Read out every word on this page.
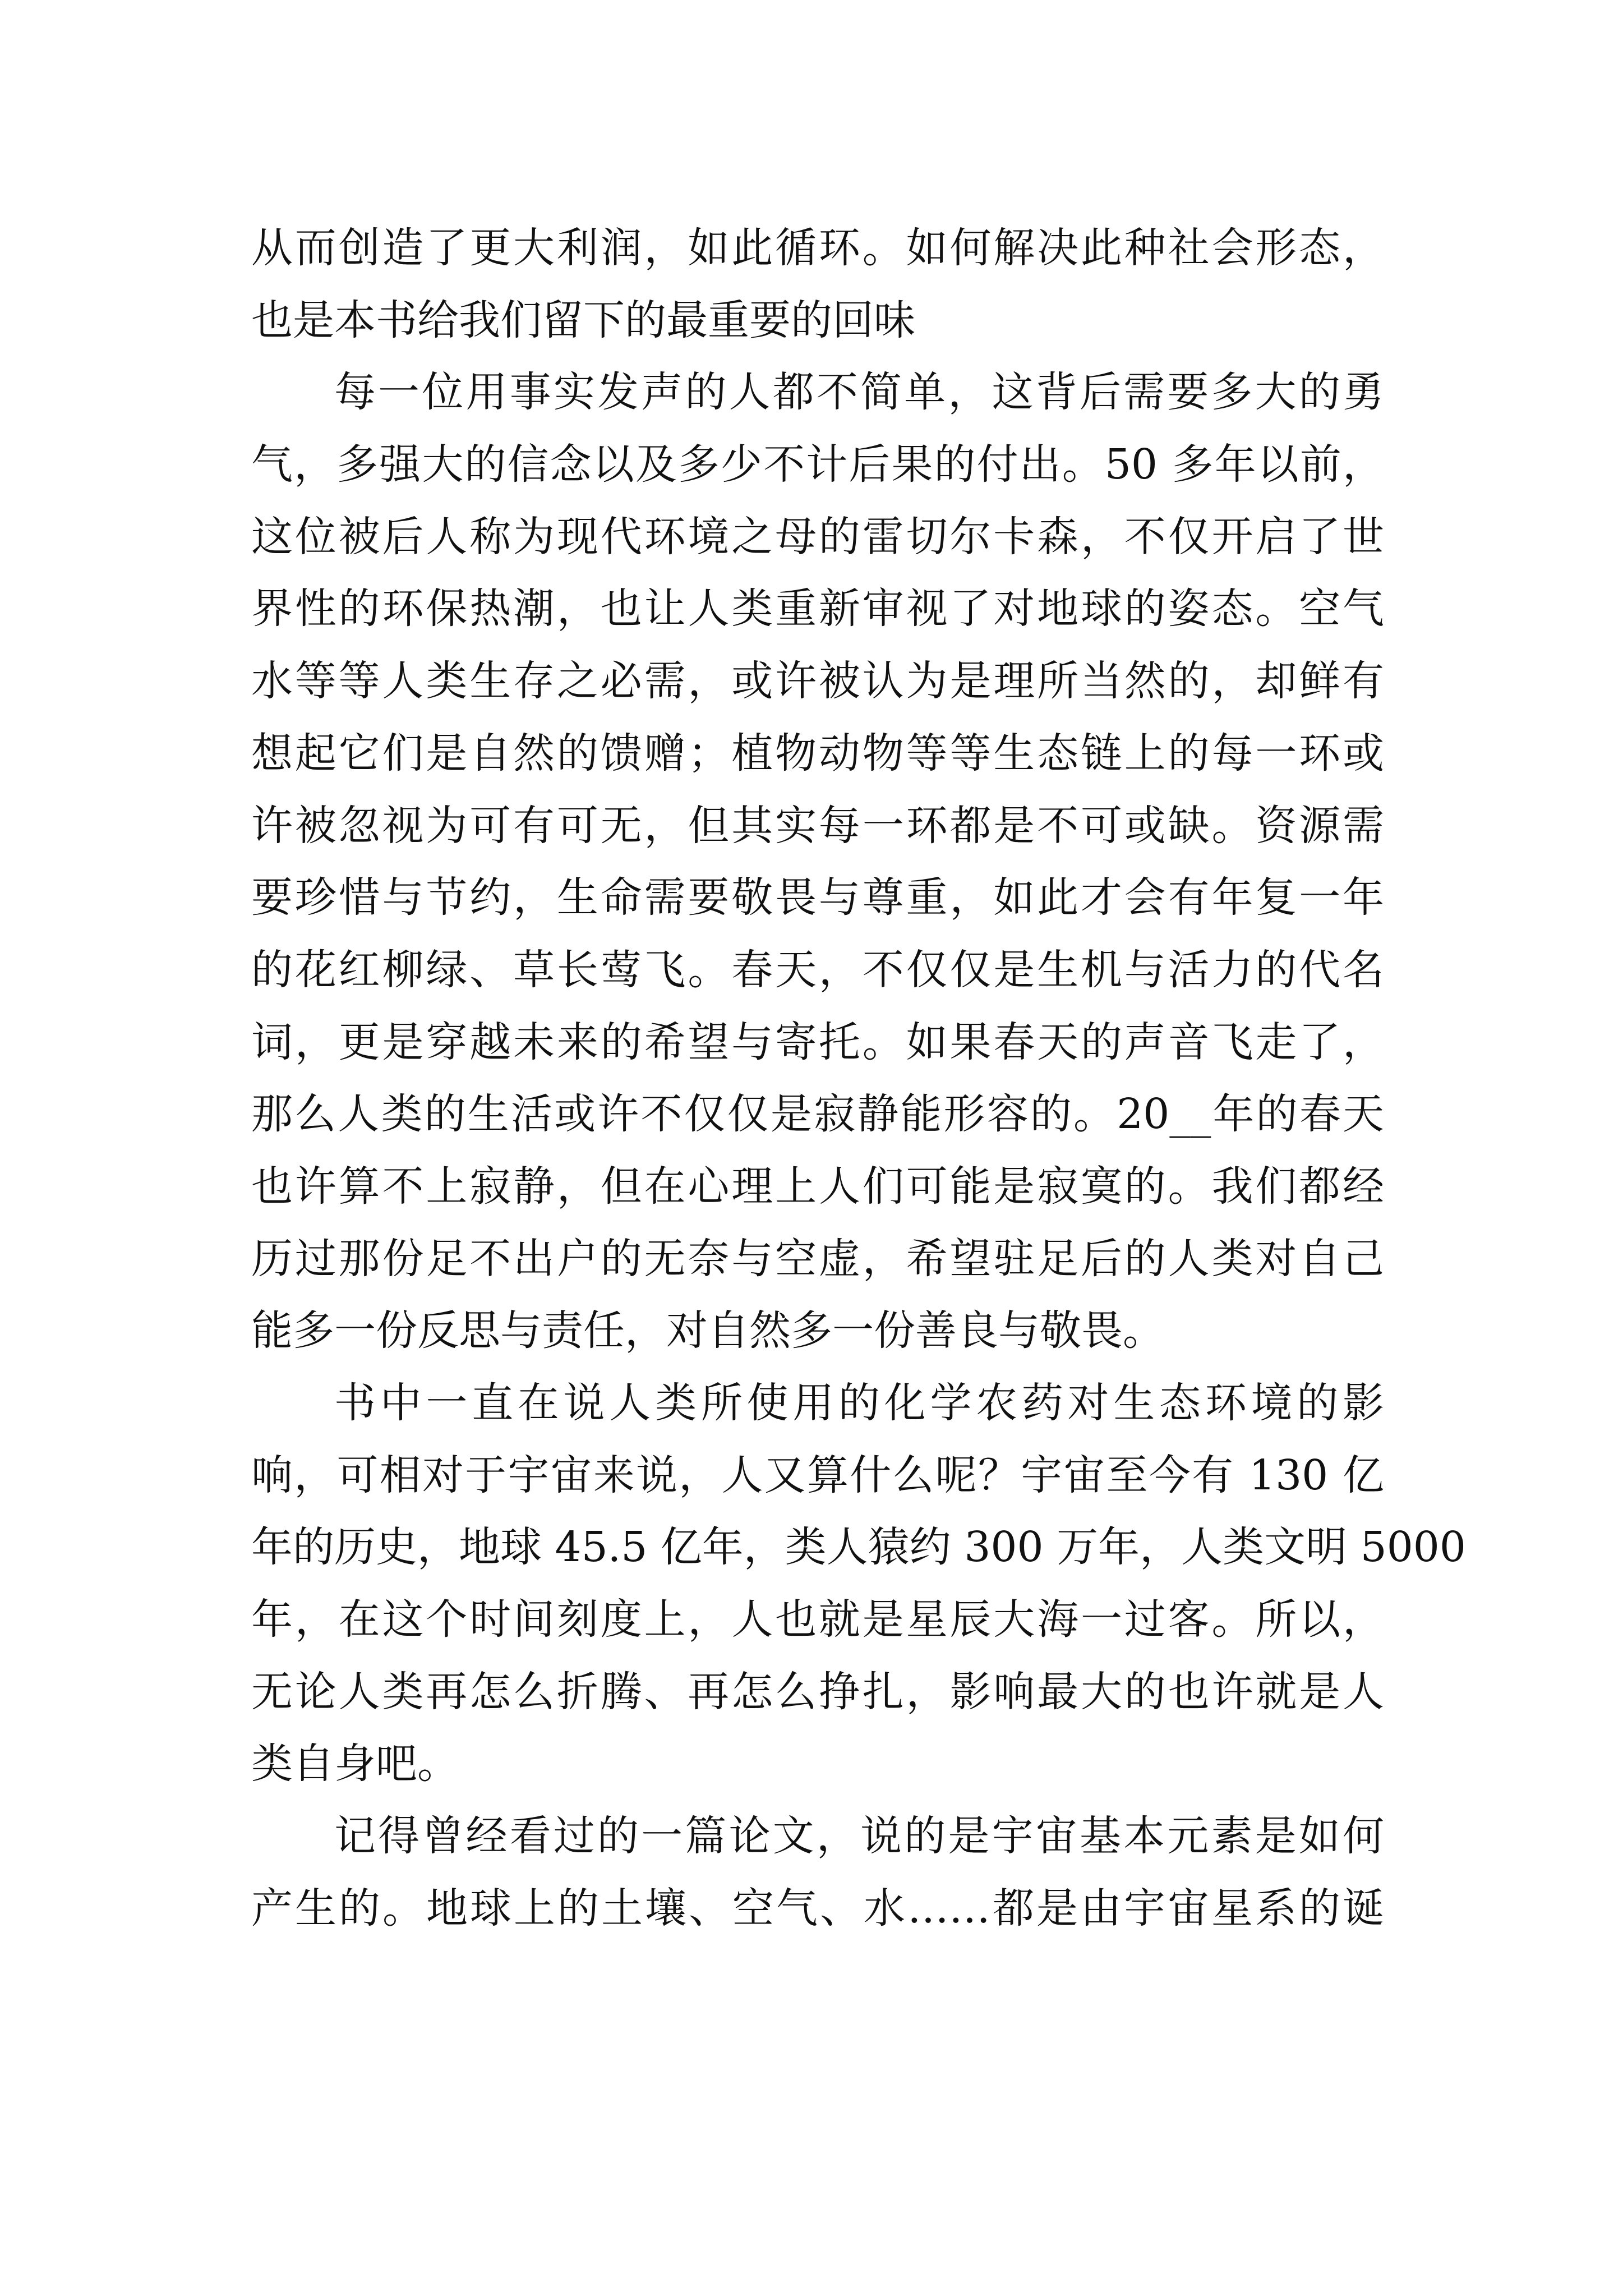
从而创造了更大利润，如此循环。如何解决此种社会形态，
也是本书给我们留下的最重要的回味
每一位用事实发声的人都不简单，这背后需要多大的勇
气，多强大的信念以及多少不计后果的付出。50 多年以前，
这位被后人称为现代环境之母的雷切尔卡森，不仅开启了世
界性的环保热潮，也让人类重新审视了对地球的姿态。空气
水等等人类生存之必需，或许被认为是理所当然的，却鲜有
想起它们是自然的馈赠；植物动物等等生态链上的每一环或
许被忽视为可有可无，但其实每一环都是不可或缺。资源需
要珍惜与节约，生命需要敬畏与尊重，如此才会有年复一年
的花红柳绿、草长莺飞。春天，不仅仅是生机与活力的代名
词，更是穿越未来的希望与寄托。如果春天的声音飞走了，
那么人类的生活或许不仅仅是寂静能形容的。20__年的春天
也许算不上寂静，但在心理上人们可能是寂寞的。我们都经
历过那份足不出户的无奈与空虚，希望驻足后的人类对自己
能多一份反思与责任，对自然多一份善良与敬畏。
书中一直在说人类所使用的化学农药对生态环境的影
响，可相对于宇宙来说，人又算什么呢？宇宙至今有 130 亿
年的历史，地球 45.5 亿年，类人猿约 300 万年，人类文明 5000
年，在这个时间刻度上，人也就是星辰大海一过客。所以，
无论人类再怎么折腾、再怎么挣扎，影响最大的也许就是人
类自身吧。
记得曾经看过的一篇论文，说的是宇宙基本元素是如何
产生的。地球上的土壤、空气、水……都是由宇宙星系的诞
